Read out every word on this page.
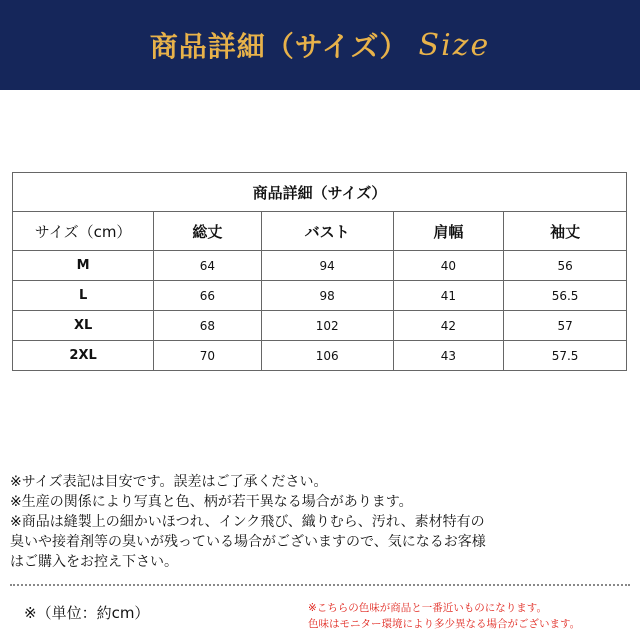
商品詳細（サイズ） Size
商品詳細（サイズ）				
サイズ（cm）	総丈	バスト	肩幅	袖丈
M	64	94	40	56
L	66	98	41	56.5
XL	68	102	42	57
2XL	70	106	43	57.5

※サイズ表記は目安です。誤差はご了承ください。

※生産の関係により写真と色、柄が若干異なる場合があります。

※商品は縫製上の細かいほつれ、インク飛び、織りむら、汚れ、素材特有の

臭いや接着剤等の臭いが残っている場合がございますので、気になるお客様

はご購入をお控え下さい。

※（単位：約cm）	※こちらの色味が商品と一番近いものになります。

色味はモニター環境により多少異なる場合がございます。
